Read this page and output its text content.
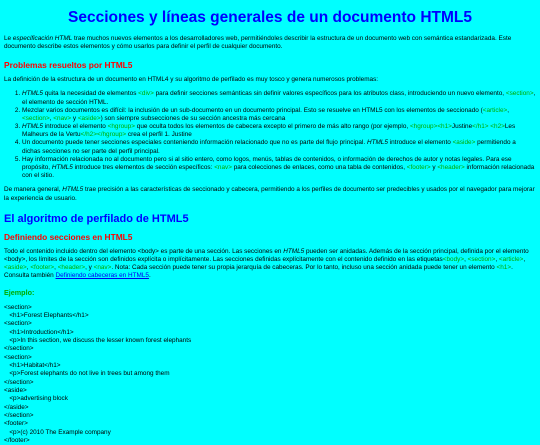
Secciones y líneas generales de un documento HTML5

Le especificación HTML trae muchos nuevos elementos a los desarrolladores web, permitiéndoles describir la estructura de un documento web con semántica estandarizada. Este documento describe estos elementos y cómo usarlos para definir el perfil de cualquier documento.

Problemas resueltos por HTML5

La definición de la estructura de un documento en HTML4 y su algoritmo de perfilado es muy tosco y genera numerosos problemas:

1. HTML5 quita la necesidad de elementos <div> para definir secciones semánticas sin definir valores específicos para los atributos class, introduciendo un nuevo elemento, <section>, el elemento de sección HTML.
2. Mezclar varios documentos es difícil: la inclusión de un sub-documento en un documento principal. Esto se resuelve en HTML5 con los elementos de seccionado (<article>, <section>, <nav> y <aside>) son siempre subsecciones de su sección ancestra más cercana
3. HTML5 introduce el elemento <hgroup> que oculta todos los elementos de cabecera excepto el primero de más alto rango (por ejemplo, <hgroup><h1>Justine</h1> <h2>Les Malheurs de la Vertu</h2></hgroup> crea el perfil 1. Justine
4. Un documento puede tener secciones especiales conteniendo información relacionado que no es parte del flujo principal. HTML5 introduce el elemento <aside> permitiendo a dichas secciones no ser parte del perfil principal.
5. Hay información relacionada no al documento pero si al sitio entero, como logos, menús, tablas de contenidos, o información de derechos de autor y notas legales. Para ese propósito, HTML5 introduce tres elementos de sección específicos: <nav> para colecciones de enlaces, como una tabla de contenidos, <footer> y <header> información relacionada con el sitio.

De manera general, HTML5 trae precisión a las características de seccionado y cabecera, permitiendo a los perfiles de documento ser predecibles y usados por el navegador para mejorar la experiencia de usuario.

El algoritmo de perfilado de HTML5
Definiendo secciones en HTML5

Todo el contenido incluido dentro del elemento <body> es parte de una sección. Las secciones en HTML5 pueden ser anidadas. Además de la sección principal, definida por el elemento <body>, los límites de la sección son definidos explícita o implícitamente. Las secciones definidas explícitamente con el contenido definido en las etiquetas<body>, <section>, <article>, <aside>, <footer>, <header>, y <nav>. Nota: Cada sección puede tener su propia jerarquía de cabeceras. Por lo tanto, incluso una sección anidada puede tener un elemento <h1>. Consulta también Definiendo cabeceras en HTML5.

Ejemplo:
<section>
<h1>Forest Elephants</h1>
<section>
<h1>Introduction</h1>
<p>In this section, we discuss the lesser known forest elephants
</section>
<section>
<h1>Habitat</h1>
<p>Forest elephants do not live in trees but among them
</section>
<aside>
<p>advertising block
</aside>
</section>
<footer>
<p>(c) 2010 The Example company
</footer>
